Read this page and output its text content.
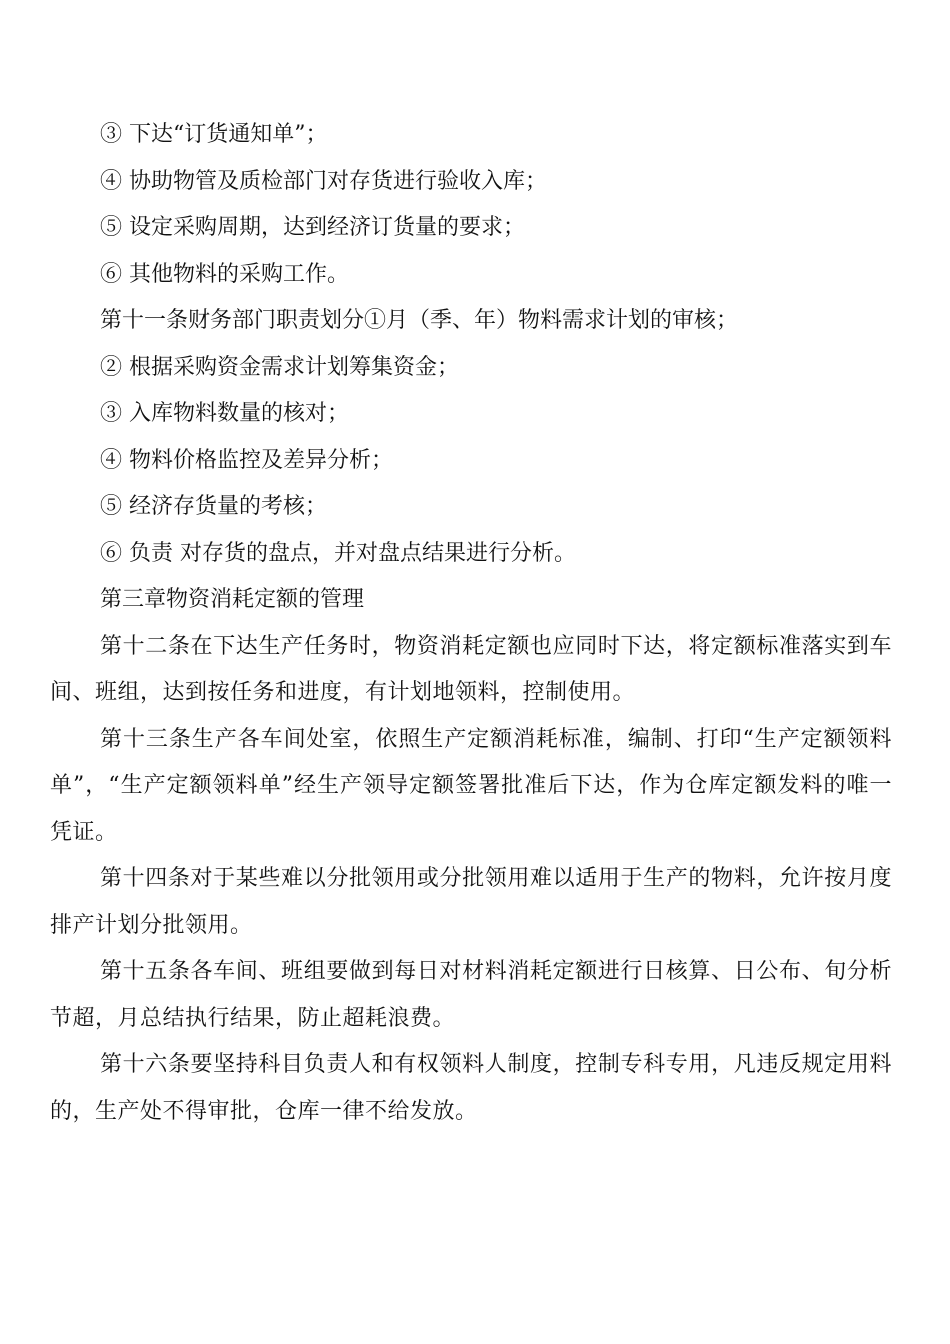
③ 下达“订货通知单”；

④ 协助物管及质检部门对存货进行验收入库；

⑤ 设定采购周期，达到经济订货量的要求；

⑥ 其他物料的采购工作。

第十一条财务部门职责划分①月（季、年）物料需求计划的审核；

② 根据采购资金需求计划筹集资金；

③ 入库物料数量的核对；

④ 物料价格监控及差异分析；

⑤ 经济存货量的考核；

⑥ 负责 对存货的盘点，并对盘点结果进行分析。

第三章物资消耗定额的管理

第十二条在下达生产任务时，物资消耗定额也应同时下达，将定额标准落实到车间、班组，达到按任务和进度，有计划地领料，控制使用。

第十三条生产各车间处室，依照生产定额消耗标准，编制、打印“生产定额领料单”，“生产定额领料单”经生产领导定额签署批准后下达，作为仓库定额发料的唯一凭证。

第十四条对于某些难以分批领用或分批领用难以适用于生产的物料，允许按月度排产计划分批领用。

第十五条各车间、班组要做到每日对材料消耗定额进行日核算、日公布、旬分析节超，月总结执行结果，防止超耗浪费。

第十六条要坚持科目负责人和有权领料人制度，控制专科专用，凡违反规定用料的，生产处不得审批，仓库一律不给发放。
